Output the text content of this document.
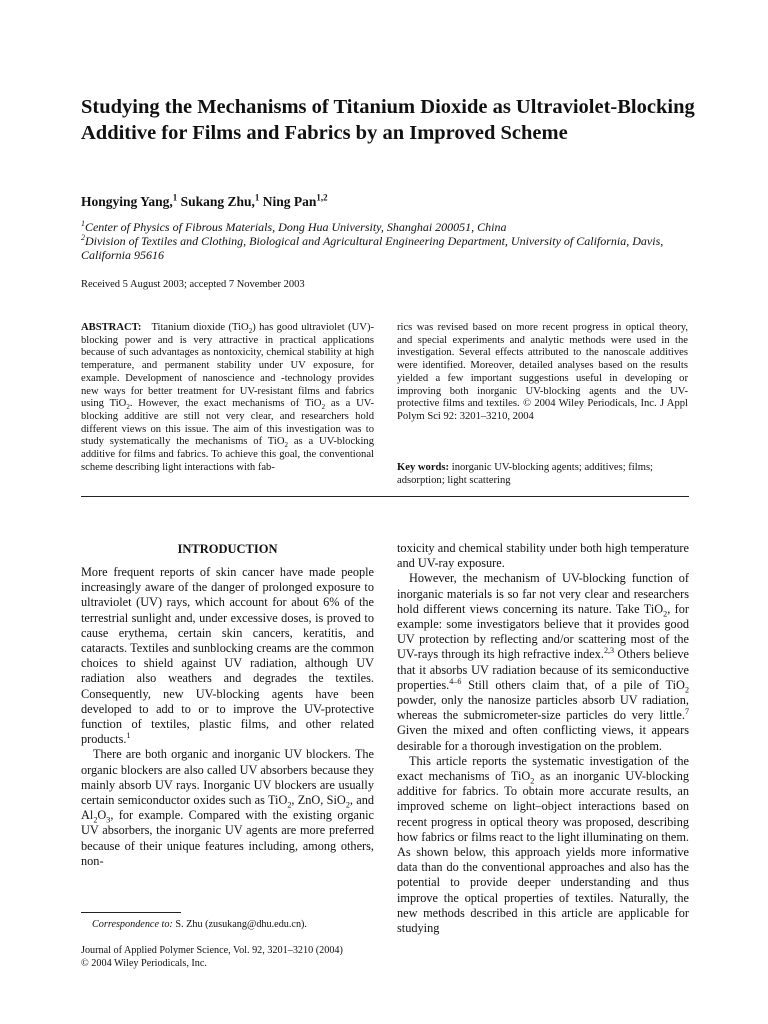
Studying the Mechanisms of Titanium Dioxide as Ultraviolet-Blocking Additive for Films and Fabrics by an Improved Scheme
Hongying Yang,$^1$ Sukang Zhu,$^1$ Ning Pan$^{1,2}$
$^1$Center of Physics of Fibrous Materials, Dong Hua University, Shanghai 200051, China
$^2$Division of Textiles and Clothing, Biological and Agricultural Engineering Department, University of California, Davis, California 95616
Received 5 August 2003; accepted 7 November 2003
ABSTRACT: Titanium dioxide (TiO$_2$) has good ultraviolet (UV)-blocking power and is very attractive in practical applications because of such advantages as nontoxicity, chemical stability at high temperature, and permanent stability under UV exposure, for example. Development of nanoscience and -technology provides new ways for better treatment for UV-resistant films and fabrics using TiO$_2$. However, the exact mechanisms of TiO$_2$ as a UV-blocking additive are still not very clear, and researchers hold different views on this issue. The aim of this investigation was to study systematically the mechanisms of TiO$_2$ as a UV-blocking additive for films and fabrics. To achieve this goal, the conventional scheme describing light interactions with fab-
rics was revised based on more recent progress in optical theory, and special experiments and analytic methods were used in the investigation. Several effects attributed to the nanoscale additives were identified. Moreover, detailed analyses based on the results yielded a few important suggestions useful in developing or improving both inorganic UV-blocking agents and the UV-protective films and textiles. © 2004 Wiley Periodicals, Inc. J Appl Polym Sci 92: 3201–3210, 2004
Key words: inorganic UV-blocking agents; additives; films; adsorption; light scattering
INTRODUCTION

More frequent reports of skin cancer have made people increasingly aware of the danger of prolonged exposure to ultraviolet (UV) rays, which account for about 6% of the terrestrial sunlight and, under excessive doses, is proved to cause erythema, certain skin cancers, keratitis, and cataracts. Textiles and sunblocking creams are the common choices to shield against UV radiation, although UV radiation also weathers and degrades the textiles. Consequently, new UV-blocking agents have been developed to add to or to improve the UV-protective function of textiles, plastic films, and other related products.$^1$

There are both organic and inorganic UV blockers. The organic blockers are also called UV absorbers because they mainly absorb UV rays. Inorganic UV blockers are usually certain semiconductor oxides such as TiO$_2$, ZnO, SiO$_2$, and $Al_2O_3$, for example. Compared with the existing organic UV absorbers, the inorganic UV agents are more preferred because of their unique features including, among others, non-

toxicity and chemical stability under both high temperature and UV-ray exposure.

However, the mechanism of UV-blocking function of inorganic materials is so far not very clear and researchers hold different views concerning its nature. Take TiO$_2$, for example: some investigators believe that it provides good UV protection by reflecting and/or scattering most of the UV-rays through its high refractive index.$^{2,3}$ Others believe that it absorbs UV radiation because of its semiconductive properties.$^{4-6}$ Still others claim that, of a pile of TiO$_2$ powder, only the nanosize particles absorb UV radiation, whereas the submicrometer-size particles do very little.$^7$ Given the mixed and often conflicting views, it appears desirable for a thorough investigation on the problem.

This article reports the systematic investigation of the exact mechanisms of TiO$_2$ as an inorganic UV-blocking additive for fabrics. To obtain more accurate results, an improved scheme on light–object interactions based on recent progress in optical theory was proposed, describing how fabrics or films react to the light illuminating on them. As shown below, this approach yields more informative data than do the conventional approaches and also has the potential to provide deeper understanding and thus improve the optical properties of textiles. Naturally, the new methods described in this article are applicable for studying

Correspondence to: S. Zhu (zusukang@dhu.edu.cn).
Journal of Applied Polymer Science, Vol. 92, 3201–3210 (2004)
© 2004 Wiley Periodicals, Inc.
